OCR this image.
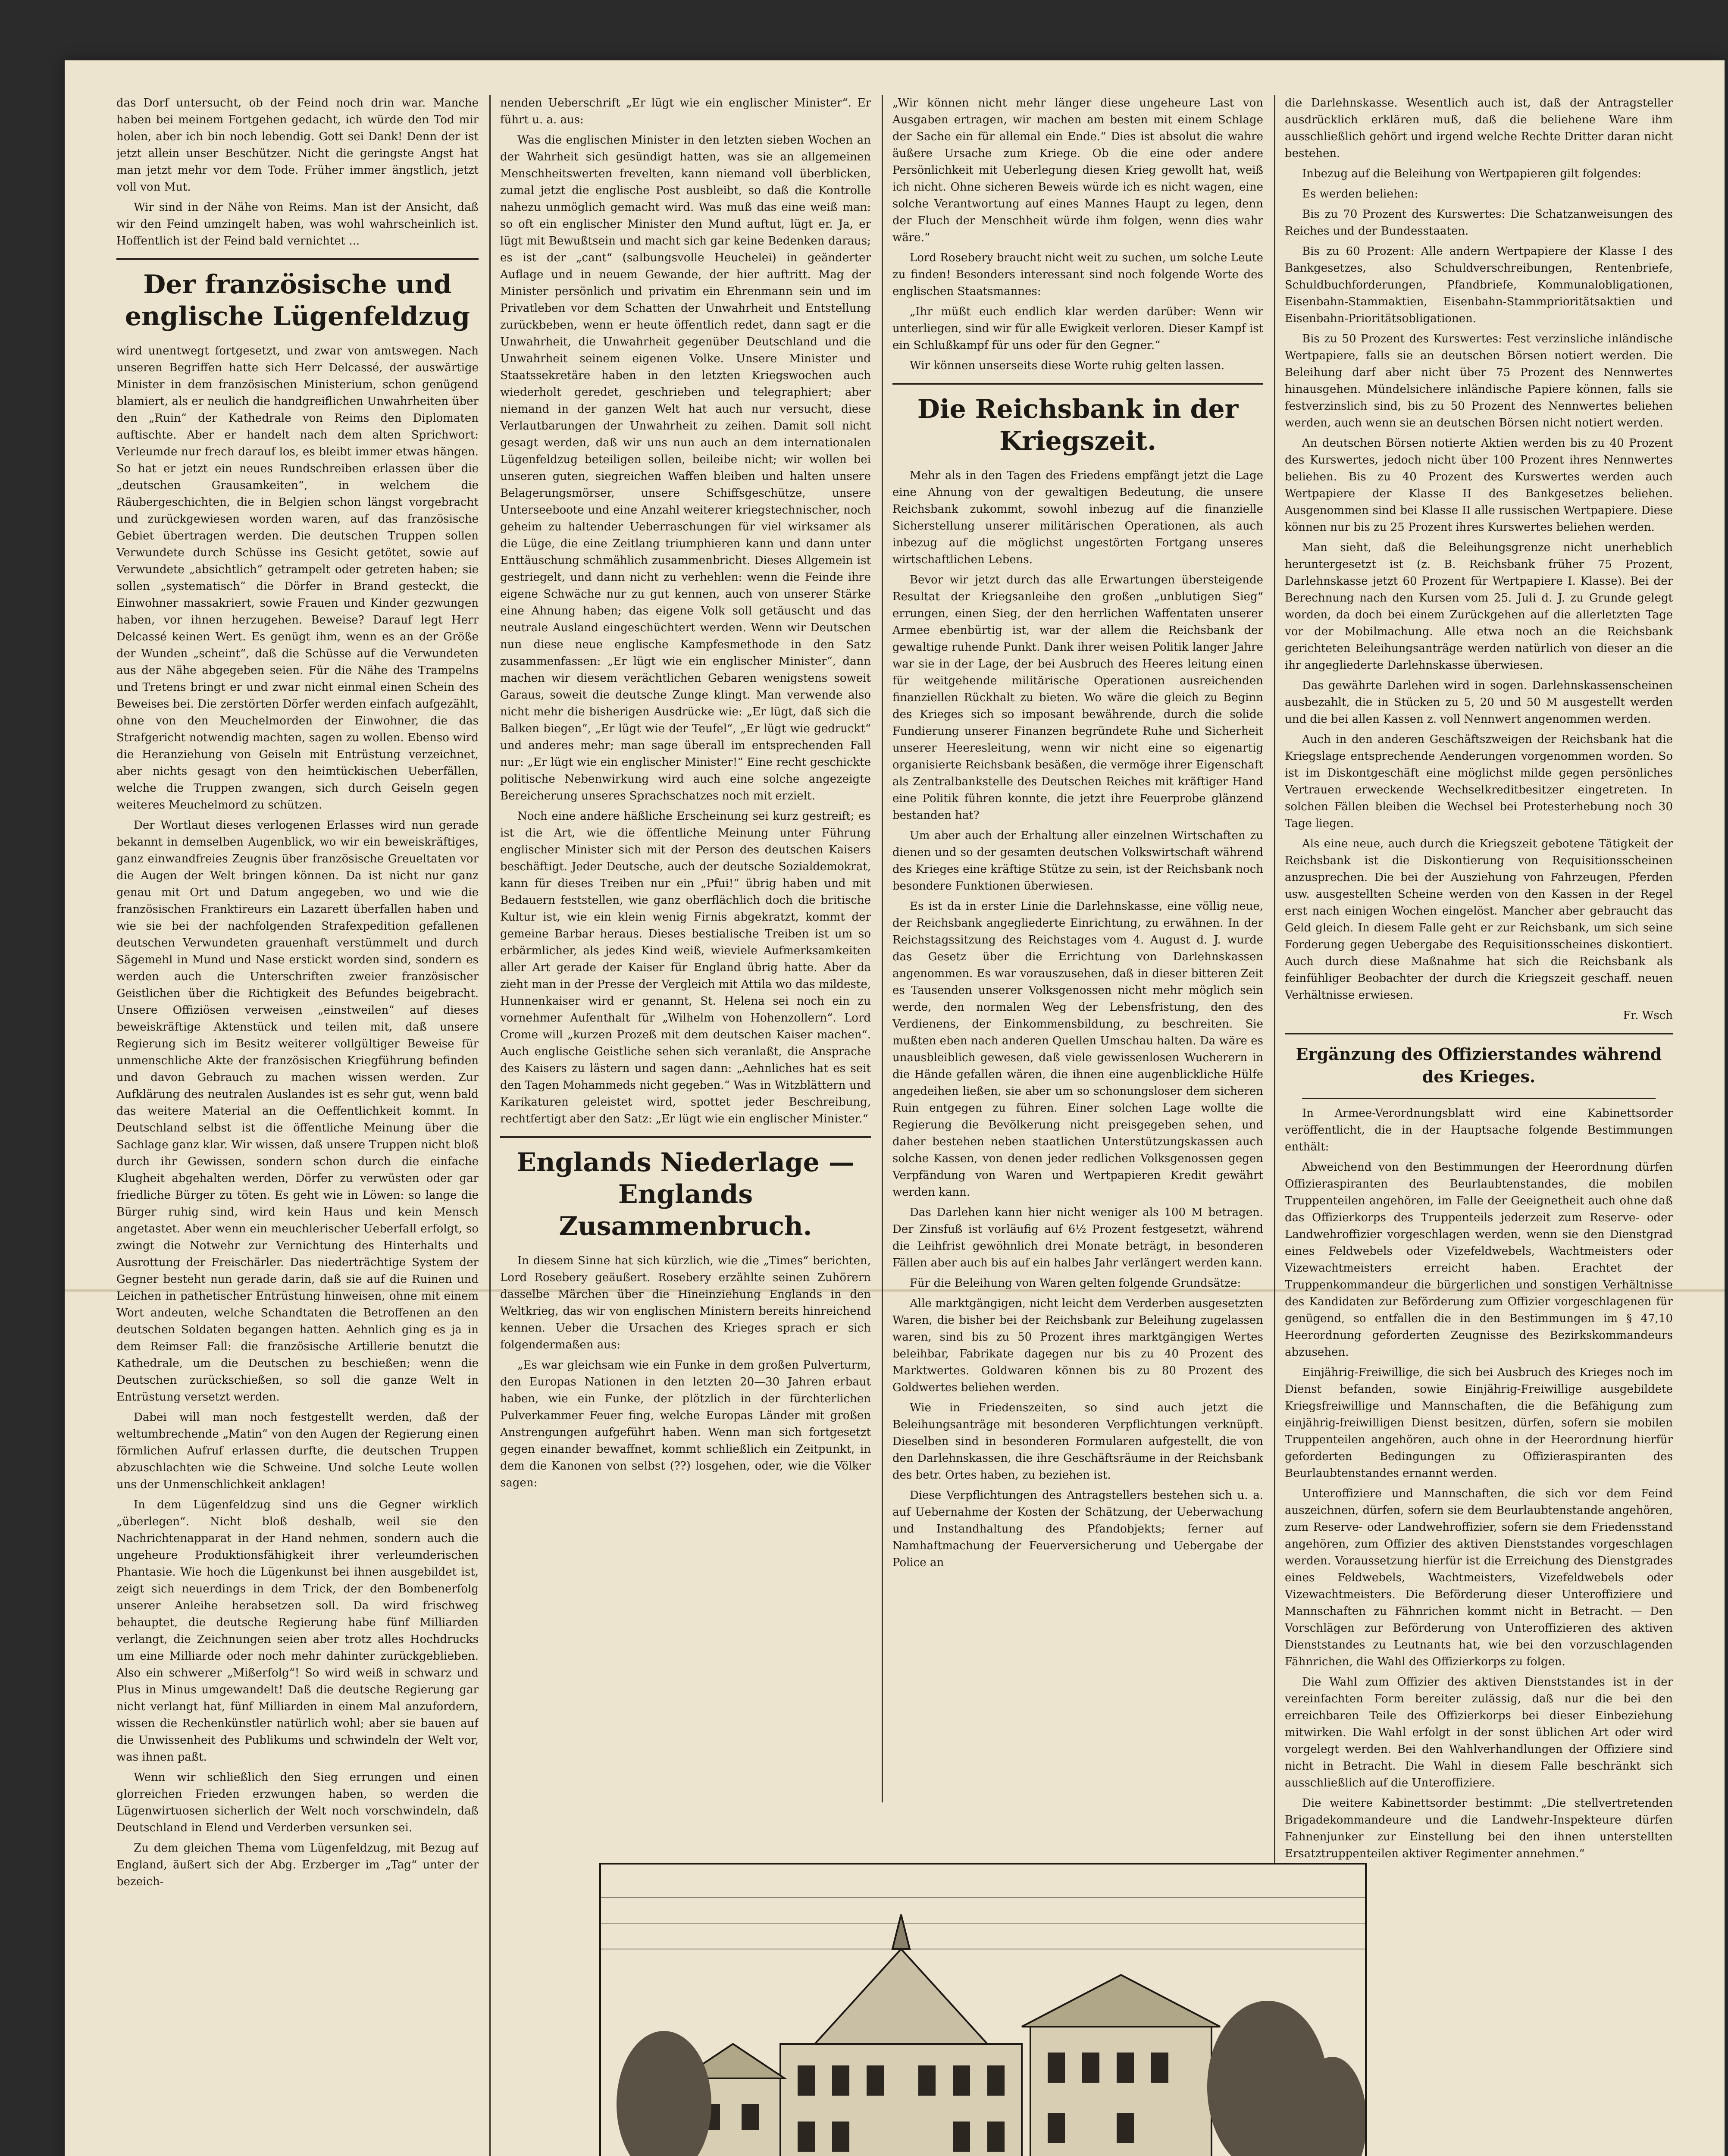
das Dorf untersucht, ob der Feind noch drin war. Manche haben bei meinem Fortgehen gedacht, ich würde den Tod mir holen, aber ich bin noch lebendig. Gott sei Dank! Denn der ist jetzt allein unser Beschützer. Nicht die geringste Angst hat man jetzt mehr vor dem Tode. Früher immer ängstlich, jetzt voll von Mut.

Wir sind in der Nähe von Reims. Man ist der Ansicht, daß wir den Feind umzingelt haben, was wohl wahrscheinlich ist. Hoffentlich ist der Feind bald vernichtet ...

Der französische und englische Lügenfeldzug

wird unentwegt fortgesetzt, und zwar von amtswegen. Nach unseren Begriffen hatte sich Herr Delcassé, der auswärtige Minister in dem französischen Ministerium, schon genügend blamiert, als er neulich die handgreiflichen Unwahrheiten über den „Ruin“ der Kathedrale von Reims den Diplomaten auftischte. Aber er handelt nach dem alten Sprichwort: Verleumde nur frech darauf los, es bleibt immer etwas hängen. So hat er jetzt ein neues Rundschreiben erlassen über die „deutschen Grausamkeiten“, in welchem die Räubergeschichten, die in Belgien schon längst vorgebracht und zurückgewiesen worden waren, auf das französische Gebiet übertragen werden. Die deutschen Truppen sollen Verwundete durch Schüsse ins Gesicht getötet, sowie auf Verwundete „absichtlich“ getrampelt oder getreten haben; sie sollen „systematisch“ die Dörfer in Brand gesteckt, die Einwohner massakriert, sowie Frauen und Kinder gezwungen haben, vor ihnen herzugehen. Beweise? Darauf legt Herr Delcassé keinen Wert. Es genügt ihm, wenn es an der Größe der Wunden „scheint“, daß die Schüsse auf die Verwundeten aus der Nähe abgegeben seien. Für die Nähe des Trampelns und Tretens bringt er und zwar nicht einmal einen Schein des Beweises bei. Die zerstörten Dörfer werden einfach aufgezählt, ohne von den Meuchelmorden der Einwohner, die das Strafgericht notwendig machten, sagen zu wollen. Ebenso wird die Heranziehung von Geiseln mit Entrüstung verzeichnet, aber nichts gesagt von den heimtückischen Ueberfällen, welche die Truppen zwangen, sich durch Geiseln gegen weiteres Meuchelmord zu schützen.

Der Wortlaut dieses verlogenen Erlasses wird nun gerade bekannt in demselben Augenblick, wo wir ein beweiskräftiges, ganz einwandfreies Zeugnis über französische Greueltaten vor die Augen der Welt bringen können. Da ist nicht nur ganz genau mit Ort und Datum angegeben, wo und wie die französischen Franktireurs ein Lazarett überfallen haben und wie sie bei der nachfolgenden Strafexpedition gefallenen deutschen Verwundeten grauenhaft verstümmelt und durch Sägemehl in Mund und Nase erstickt worden sind, sondern es werden auch die Unterschriften zweier französischer Geistlichen über die Richtigkeit des Befundes beigebracht. Unsere Offiziösen verweisen „einstweilen“ auf dieses beweiskräftige Aktenstück und teilen mit, daß unsere Regierung sich im Besitz weiterer vollgültiger Beweise für unmenschliche Akte der französischen Kriegführung befinden und davon Gebrauch zu machen wissen werden. Zur Aufklärung des neutralen Auslandes ist es sehr gut, wenn bald das weitere Material an die Oeffentlichkeit kommt. In Deutschland selbst ist die öffentliche Meinung über die Sachlage ganz klar. Wir wissen, daß unsere Truppen nicht bloß durch ihr Gewissen, sondern schon durch die einfache Klugheit abgehalten werden, Dörfer zu verwüsten oder gar friedliche Bürger zu töten. Es geht wie in Löwen: so lange die Bürger ruhig sind, wird kein Haus und kein Mensch angetastet. Aber wenn ein meuchlerischer Ueberfall erfolgt, so zwingt die Notwehr zur Vernichtung des Hinterhalts und Ausrottung der Freischärler. Das niederträchtige System der Gegner besteht nun gerade darin, daß sie auf die Ruinen und Leichen in pathetischer Entrüstung hinweisen, ohne mit einem Wort andeuten, welche Schandtaten die Betroffenen an den deutschen Soldaten begangen hatten. Aehnlich ging es ja in dem Reimser Fall: die französische Artillerie benutzt die Kathedrale, um die Deutschen zu beschießen; wenn die Deutschen zurückschießen, so soll die ganze Welt in Entrüstung versetzt werden.

Dabei will man noch festgestellt werden, daß der weltumbrechende „Matin“ von den Augen der Regierung einen förmlichen Aufruf erlassen durfte, die deutschen Truppen abzuschlachten wie die Schweine. Und solche Leute wollen uns der Unmenschlichkeit anklagen!

In dem Lügenfeldzug sind uns die Gegner wirklich „überlegen“. Nicht bloß deshalb, weil sie den Nachrichtenapparat in der Hand nehmen, sondern auch die ungeheure Produktionsfähigkeit ihrer verleumderischen Phantasie. Wie hoch die Lügenkunst bei ihnen ausgebildet ist, zeigt sich neuerdings in dem Trick, der den Bombenerfolg unserer Anleihe herabsetzen soll. Da wird frischweg behauptet, die deutsche Regierung habe fünf Milliarden verlangt, die Zeichnungen seien aber trotz alles Hochdrucks um eine Milliarde oder noch mehr dahinter zurückgeblieben. Also ein schwerer „Mißerfolg“! So wird weiß in schwarz und Plus in Minus umgewandelt! Daß die deutsche Regierung gar nicht verlangt hat, fünf Milliarden in einem Mal anzufordern, wissen die Rechenkünstler natürlich wohl; aber sie bauen auf die Unwissenheit des Publikums und schwindeln der Welt vor, was ihnen paßt.

Wenn wir schließlich den Sieg errungen und einen glorreichen Frieden erzwungen haben, so werden die Lügenwirtuosen sicherlich der Welt noch vorschwindeln, daß Deutschland in Elend und Verderben versunken sei.

Zu dem gleichen Thema vom Lügenfeldzug, mit Bezug auf England, äußert sich der Abg. Erzberger im „Tag“ unter der bezeich-

nenden Ueberschrift „Er lügt wie ein englischer Minister“. Er führt u. a. aus:

Was die englischen Minister in den letzten sieben Wochen an der Wahrheit sich gesündigt hatten, was sie an allgemeinen Menschheitswerten frevelten, kann niemand voll überblicken, zumal jetzt die englische Post ausbleibt, so daß die Kontrolle nahezu unmöglich gemacht wird. Was muß das eine weiß man: so oft ein englischer Minister den Mund auftut, lügt er. Ja, er lügt mit Bewußtsein und macht sich gar keine Bedenken daraus; es ist der „cant“ (salbungsvolle Heuchelei) in geänderter Auflage und in neuem Gewande, der hier auftritt. Mag der Minister persönlich und privatim ein Ehrenmann sein und im Privatleben vor dem Schatten der Unwahrheit und Entstellung zurückbeben, wenn er heute öffentlich redet, dann sagt er die Unwahrheit, die Unwahrheit gegenüber Deutschland und die Unwahrheit seinem eigenen Volke. Unsere Minister und Staatssekretäre haben in den letzten Kriegswochen auch wiederholt geredet, geschrieben und telegraphiert; aber niemand in der ganzen Welt hat auch nur versucht, diese Verlautbarungen der Unwahrheit zu zeihen. Damit soll nicht gesagt werden, daß wir uns nun auch an dem internationalen Lügenfeldzug beteiligen sollen, beileibe nicht; wir wollen bei unseren guten, siegreichen Waffen bleiben und halten unsere Belagerungsmörser, unsere Schiffsgeschütze, unsere Unterseeboote und eine Anzahl weiterer kriegstechnischer, noch geheim zu haltender Ueberraschungen für viel wirksamer als die Lüge, die eine Zeitlang triumphieren kann und dann unter Enttäuschung schmählich zusammenbricht. Dieses Allgemein ist gestriegelt, und dann nicht zu verhehlen: wenn die Feinde ihre eigene Schwäche nur zu gut kennen, auch von unserer Stärke eine Ahnung haben; das eigene Volk soll getäuscht und das neutrale Ausland eingeschüchtert werden. Wenn wir Deutschen nun diese neue englische Kampfesmethode in den Satz zusammenfassen: „Er lügt wie ein englischer Minister“, dann machen wir diesem verächtlichen Gebaren wenigstens soweit Garaus, soweit die deutsche Zunge klingt. Man verwende also nicht mehr die bisherigen Ausdrücke wie: „Er lügt, daß sich die Balken biegen“, „Er lügt wie der Teufel“, „Er lügt wie gedruckt“ und anderes mehr; man sage überall im entsprechenden Fall nur: „Er lügt wie ein englischer Minister!“ Eine recht geschickte politische Nebenwirkung wird auch eine solche angezeigte Bereicherung unseres Sprachschatzes noch mit erzielt.

Noch eine andere häßliche Erscheinung sei kurz gestreift; es ist die Art, wie die öffentliche Meinung unter Führung englischer Minister sich mit der Person des deutschen Kaisers beschäftigt. Jeder Deutsche, auch der deutsche Sozialdemokrat, kann für dieses Treiben nur ein „Pfui!“ übrig haben und mit Bedauern feststellen, wie ganz oberflächlich doch die britische Kultur ist, wie ein klein wenig Firnis abgekratzt, kommt der gemeine Barbar heraus. Dieses bestialische Treiben ist um so erbärmlicher, als jedes Kind weiß, wieviele Aufmerksamkeiten aller Art gerade der Kaiser für England übrig hatte. Aber da zieht man in der Presse der Vergleich mit Attila wo das mildeste, Hunnenkaiser wird er genannt, St. Helena sei noch ein zu vornehmer Aufenthalt für „Wilhelm von Hohenzollern“. Lord Crome will „kurzen Prozeß mit dem deutschen Kaiser machen“. Auch englische Geistliche sehen sich veranlaßt, die Ansprache des Kaisers zu lästern und sagen dann: „Aehnliches hat es seit den Tagen Mohammeds nicht gegeben.“ Was in Witzblättern und Karikaturen geleistet wird, spottet jeder Beschreibung, rechtfertigt aber den Satz: „Er lügt wie ein englischer Minister.“

Englands Niederlage — Englands Zusammenbruch.

In diesem Sinne hat sich kürzlich, wie die „Times“ berichten, Lord Rosebery geäußert. Rosebery erzählte seinen Zuhörern dasselbe Märchen über die Hineinziehung Englands in den Weltkrieg, das wir von englischen Ministern bereits hinreichend kennen. Ueber die Ursachen des Krieges sprach er sich folgendermaßen aus:

„Es war gleichsam wie ein Funke in dem großen Pulverturm, den Europas Nationen in den letzten 20—30 Jahren erbaut haben, wie ein Funke, der plötzlich in der fürchterlichen Pulverkammer Feuer fing, welche Europas Länder mit großen Anstrengungen aufgeführt haben. Wenn man sich fortgesetzt gegen einander bewaffnet, kommt schließlich ein Zeitpunkt, in dem die Kanonen von selbst (??) losgehen, oder, wie die Völker sagen:

„Wir können nicht mehr länger diese ungeheure Last von Ausgaben ertragen, wir machen am besten mit einem Schlage der Sache ein für allemal ein Ende.“ Dies ist absolut die wahre äußere Ursache zum Kriege. Ob die eine oder andere Persönlichkeit mit Ueberlegung diesen Krieg gewollt hat, weiß ich nicht. Ohne sicheren Beweis würde ich es nicht wagen, eine solche Verantwortung auf eines Mannes Haupt zu legen, denn der Fluch der Menschheit würde ihm folgen, wenn dies wahr wäre.“

Lord Rosebery braucht nicht weit zu suchen, um solche Leute zu finden! Besonders interessant sind noch folgende Worte des englischen Staatsmannes:

„Ihr müßt euch endlich klar werden darüber: Wenn wir unterliegen, sind wir für alle Ewigkeit verloren. Dieser Kampf ist ein Schlußkampf für uns oder für den Gegner.“

Wir können unserseits diese Worte ruhig gelten lassen.

Die Reichsbank in der Kriegszeit.

Mehr als in den Tagen des Friedens empfängt jetzt die Lage eine Ahnung von der gewaltigen Bedeutung, die unsere Reichsbank zukommt, sowohl inbezug auf die finanzielle Sicherstellung unserer militärischen Operationen, als auch inbezug auf die möglichst ungestörten Fortgang unseres wirtschaftlichen Lebens.

Bevor wir jetzt durch das alle Erwartungen übersteigende Resultat der Kriegsanleihe den großen „unblutigen Sieg“ errungen, einen Sieg, der den herrlichen Waffentaten unserer Armee ebenbürtig ist, war der allem die Reichsbank der gewaltige ruhende Punkt. Dank ihrer weisen Politik langer Jahre war sie in der Lage, der bei Ausbruch des Heeres leitung einen für weitgehende militärische Operationen ausreichenden finanziellen Rückhalt zu bieten. Wo wäre die gleich zu Beginn des Krieges sich so imposant bewährende, durch die solide Fundierung unserer Finanzen begründete Ruhe und Sicherheit unserer Heeresleitung, wenn wir nicht eine so eigenartig organisierte Reichsbank besäßen, die vermöge ihrer Eigenschaft als Zentralbankstelle des Deutschen Reiches mit kräftiger Hand eine Politik führen konnte, die jetzt ihre Feuerprobe glänzend bestanden hat?

Um aber auch der Erhaltung aller einzelnen Wirtschaften zu dienen und so der gesamten deutschen Volkswirtschaft während des Krieges eine kräftige Stütze zu sein, ist der Reichsbank noch besondere Funktionen überwiesen.

Es ist da in erster Linie die Darlehnskasse, eine völlig neue, der Reichsbank angegliederte Einrichtung, zu erwähnen. In der Reichstagssitzung des Reichstages vom 4. August d. J. wurde das Gesetz über die Errichtung von Darlehnskassen angenommen. Es war vorauszusehen, daß in dieser bitteren Zeit es Tausenden unserer Volksgenossen nicht mehr möglich sein werde, den normalen Weg der Lebensfristung, den des Verdienens, der Einkommensbildung, zu beschreiten. Sie mußten eben nach anderen Quellen Umschau halten. Da wäre es unausbleiblich gewesen, daß viele gewissenlosen Wucherern in die Hände gefallen wären, die ihnen eine augenblickliche Hülfe angedeihen ließen, sie aber um so schonungsloser dem sicheren Ruin entgegen zu führen. Einer solchen Lage wollte die Regierung die Bevölkerung nicht preisgegeben sehen, und daher bestehen neben staatlichen Unterstützungskassen auch solche Kassen, von denen jeder redlichen Volksgenossen gegen Verpfändung von Waren und Wertpapieren Kredit gewährt werden kann.

Das Darlehen kann hier nicht weniger als 100 M betragen. Der Zinsfuß ist vorläufig auf 6½ Prozent festgesetzt, während die Leihfrist gewöhnlich drei Monate beträgt, in besonderen Fällen aber auch bis auf ein halbes Jahr verlängert werden kann.

Für die Beleihung von Waren gelten folgende Grundsätze:

Alle marktgängigen, nicht leicht dem Verderben ausgesetzten Waren, die bisher bei der Reichsbank zur Beleihung zugelassen waren, sind bis zu 50 Prozent ihres marktgängigen Wertes beleihbar, Fabrikate dagegen nur bis zu 40 Prozent des Marktwertes. Goldwaren können bis zu 80 Prozent des Goldwertes beliehen werden.

Wie in Friedenszeiten, so sind auch jetzt die Beleihungsanträge mit besonderen Verpflichtungen verknüpft. Dieselben sind in besonderen Formularen aufgestellt, die von den Darlehnskassen, die ihre Geschäftsräume in der Reichsbank des betr. Ortes haben, zu beziehen ist.

Diese Verpflichtungen des Antragstellers bestehen sich u. a. auf Uebernahme der Kosten der Schätzung, der Ueberwachung und Instandhaltung des Pfandobjekts; ferner auf Namhaftmachung der Feuerversicherung und Uebergabe der Police an

die Darlehnskasse. Wesentlich auch ist, daß der Antragsteller ausdrücklich erklären muß, daß die beliehene Ware ihm ausschließlich gehört und irgend welche Rechte Dritter daran nicht bestehen.

Inbezug auf die Beleihung von Wertpapieren gilt folgendes:

Es werden beliehen:

Bis zu 70 Prozent des Kurswertes: Die Schatzanweisungen des Reiches und der Bundesstaaten.

Bis zu 60 Prozent: Alle andern Wertpapiere der Klasse I des Bankgesetzes, also Schuldverschreibungen, Rentenbriefe, Schuldbuchforderungen, Pfandbriefe, Kommunalobligationen, Eisenbahn-Stammaktien, Eisenbahn-Stammprioritätsaktien und Eisenbahn-Prioritätsobligationen.

Bis zu 50 Prozent des Kurswertes: Fest verzinsliche inländische Wertpapiere, falls sie an deutschen Börsen notiert werden. Die Beleihung darf aber nicht über 75 Prozent des Nennwertes hinausgehen. Mündelsichere inländische Papiere können, falls sie festverzinslich sind, bis zu 50 Prozent des Nennwertes beliehen werden, auch wenn sie an deutschen Börsen nicht notiert werden.

An deutschen Börsen notierte Aktien werden bis zu 40 Prozent des Kurswertes, jedoch nicht über 100 Prozent ihres Nennwertes beliehen. Bis zu 40 Prozent des Kurswertes werden auch Wertpapiere der Klasse II des Bankgesetzes beliehen. Ausgenommen sind bei Klasse II alle russischen Wertpapiere. Diese können nur bis zu 25 Prozent ihres Kurswertes beliehen werden.

Man sieht, daß die Beleihungsgrenze nicht unerheblich heruntergesetzt ist (z. B. Reichsbank früher 75 Prozent, Darlehnskasse jetzt 60 Prozent für Wertpapiere I. Klasse). Bei der Berechnung nach den Kursen vom 25. Juli d. J. zu Grunde gelegt worden, da doch bei einem Zurückgehen auf die allerletzten Tage vor der Mobilmachung. Alle etwa noch an die Reichsbank gerichteten Beleihungsanträge werden natürlich von dieser an die ihr angegliederte Darlehnskasse überwiesen.

Das gewährte Darlehen wird in sogen. Darlehnskassenscheinen ausbezahlt, die in Stücken zu 5, 20 und 50 M ausgestellt werden und die bei allen Kassen z. voll Nennwert angenommen werden.

Auch in den anderen Geschäftszweigen der Reichsbank hat die Kriegslage entsprechende Aenderungen vorgenommen worden. So ist im Diskontgeschäft eine möglichst milde gegen persönliches Vertrauen erweckende Wechselkreditbesitzer eingetreten. In solchen Fällen bleiben die Wechsel bei Protesterhebung noch 30 Tage liegen.

Als eine neue, auch durch die Kriegszeit gebotene Tätigkeit der Reichsbank ist die Diskontierung von Requisitionsscheinen anzusprechen. Die bei der Ausziehung von Fahrzeugen, Pferden usw. ausgestellten Scheine werden von den Kassen in der Regel erst nach einigen Wochen eingelöst. Mancher aber gebraucht das Geld gleich. In diesem Falle geht er zur Reichsbank, um sich seine Forderung gegen Uebergabe des Requisitionsscheines diskontiert. Auch durch diese Maßnahme hat sich die Reichsbank als feinfühliger Beobachter der durch die Kriegszeit geschaff. neuen Verhältnisse erwiesen.

Fr. Wsch

Ergänzung des Offizierstandes während des Krieges.

In Armee-Verordnungsblatt wird eine Kabinettsorder veröffentlicht, die in der Hauptsache folgende Bestimmungen enthält:

Abweichend von den Bestimmungen der Heerordnung dürfen Offizieraspiranten des Beurlaubtenstandes, die mobilen Truppenteilen angehören, im Falle der Geeignetheit auch ohne daß das Offizierkorps des Truppenteils jederzeit zum Reserve- oder Landwehroffizier vorgeschlagen werden, wenn sie den Dienstgrad eines Feldwebels oder Vizefeldwebels, Wachtmeisters oder Vizewachtmeisters erreicht haben. Erachtet der Truppenkommandeur die bürgerlichen und sonstigen Verhältnisse des Kandidaten zur Beförderung zum Offizier vorgeschlagenen für genügend, so entfallen die in den Bestimmungen im § 47,10 Heerordnung geforderten Zeugnisse des Bezirkskommandeurs abzusehen.

Einjährig-Freiwillige, die sich bei Ausbruch des Krieges noch im Dienst befanden, sowie Einjährig-Freiwillige ausgebildete Kriegsfreiwillige und Mannschaften, die die Befähigung zum einjährig-freiwilligen Dienst besitzen, dürfen, sofern sie mobilen Truppenteilen angehören, auch ohne in der Heerordnung hierfür geforderten Bedingungen zu Offizieraspiranten des Beurlaubtenstandes ernannt werden.

Unteroffiziere und Mannschaften, die sich vor dem Feind auszeichnen, dürfen, sofern sie dem Beurlaubtenstande angehören, zum Reserve- oder Landwehroffizier, sofern sie dem Friedensstand angehören, zum Offizier des aktiven Dienststandes vorgeschlagen werden. Voraussetzung hierfür ist die Erreichung des Dienstgrades eines Feldwebels, Wachtmeisters, Vizefeldwebels oder Vizewachtmeisters. Die Beförderung dieser Unteroffiziere und Mannschaften zu Fähnrichen kommt nicht in Betracht. — Den Vorschlägen zur Beförderung von Unteroffizieren des aktiven Dienststandes zu Leutnants hat, wie bei den vorzuschlagenden Fähnrichen, die Wahl des Offizierkorps zu folgen.

Die Wahl zum Offizier des aktiven Dienststandes ist in der vereinfachten Form bereiter zulässig, daß nur die bei den erreichbaren Teile des Offizierkorps bei dieser Einbeziehung mitwirken. Die Wahl erfolgt in der sonst üblichen Art oder wird vorgelegt werden. Bei den Wahlverhandlungen der Offiziere sind nicht in Betracht. Die Wahl in diesem Falle beschränkt sich ausschließlich auf die Unteroffiziere.

Die weitere Kabinettsorder bestimmt: „Die stellvertretenden Brigadekommandeure und die Landwehr-Inspekteure dürfen Fahnenjunker zur Einstellung bei den ihnen unterstellten Ersatztruppenteilen aktiver Regimenter annehmen.“
